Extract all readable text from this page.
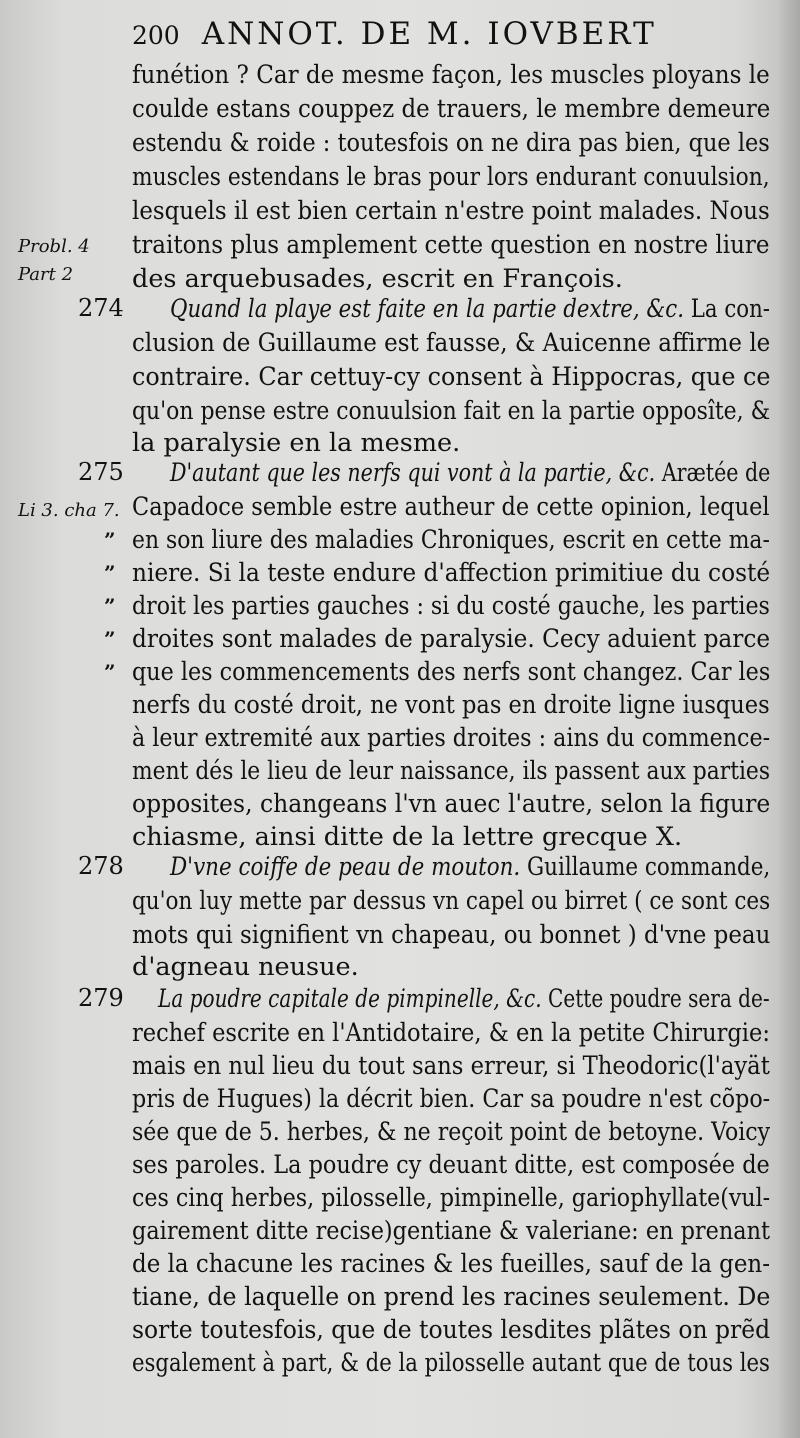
200 ANNOT. DE M. IOVBERT
funétion ? Car de mesme façon, les muscles ployans le
coulde estans couppez de trauers, le membre demeure
estendu & roide : toutesfois on ne dira pas bien, que les
muscles estendans le bras pour lors endurant conuulsion,
lesquels il est bien certain n'estre point malades. Nous
traitons plus amplement cette question en nostre liure
des arquebusades, escrit en François.
Quand la playe est faite en la partie dextre, &c. La con-
clusion de Guillaume est fausse, & Auicenne affirme le
contraire. Car cettuy-cy consent à Hippocras, que ce
qu'on pense estre conuulsion fait en la partie opposîte, &
la paralysie en la mesme.
D'autant que les nerfs qui vont à la partie, &c. Arætée de
Capadoce semble estre autheur de cette opinion, lequel
en son liure des maladies Chroniques, escrit en cette ma-
niere. Si la teste endure d'affection primitiue du costé
droit les parties gauches : si du costé gauche, les parties
droites sont malades de paralysie. Cecy aduient parce
que les commencements des nerfs sont changez. Car les
nerfs du costé droit, ne vont pas en droite ligne iusques
à leur extremité aux parties droites : ains du commence-
ment dés le lieu de leur naissance, ils passent aux parties
opposites, changeans l'vn auec l'autre, selon la figure
chiasme, ainsi ditte de la lettre grecque X.
D'vne coiffe de peau de mouton. Guillaume commande,
qu'on luy mette par dessus vn capel ou birret ( ce sont ces
mots qui signifient vn chapeau, ou bonnet ) d'vne peau
d'agneau neusue.
La poudre capitale de pimpinelle, &c. Cette poudre sera de-
rechef escrite en l'Antidotaire, & en la petite Chirurgie:
mais en nul lieu du tout sans erreur, si Theodoric(l'ayät
pris de Hugues) la décrit bien. Car sa poudre n'est cõpo-
sée que de 5. herbes, & ne reçoit point de betoyne. Voicy
ses paroles. La poudre cy deuant ditte, est composée de
ces cinq herbes, pilosselle, pimpinelle, gariophyllate(vul-
gairement ditte recise)gentiane & valeriane: en prenant
de la chacune les racines & les fueilles, sauf de la gen-
tiane, de laquelle on prend les racines seulement. De
sorte toutesfois, que de toutes lesdites plãtes on prẽd
esgalement à part, & de la pilosselle autant que de tous les
Probl. 4
Part 2
Li 3. cha 7.
274
275
278
279
”
”
”
”
”
